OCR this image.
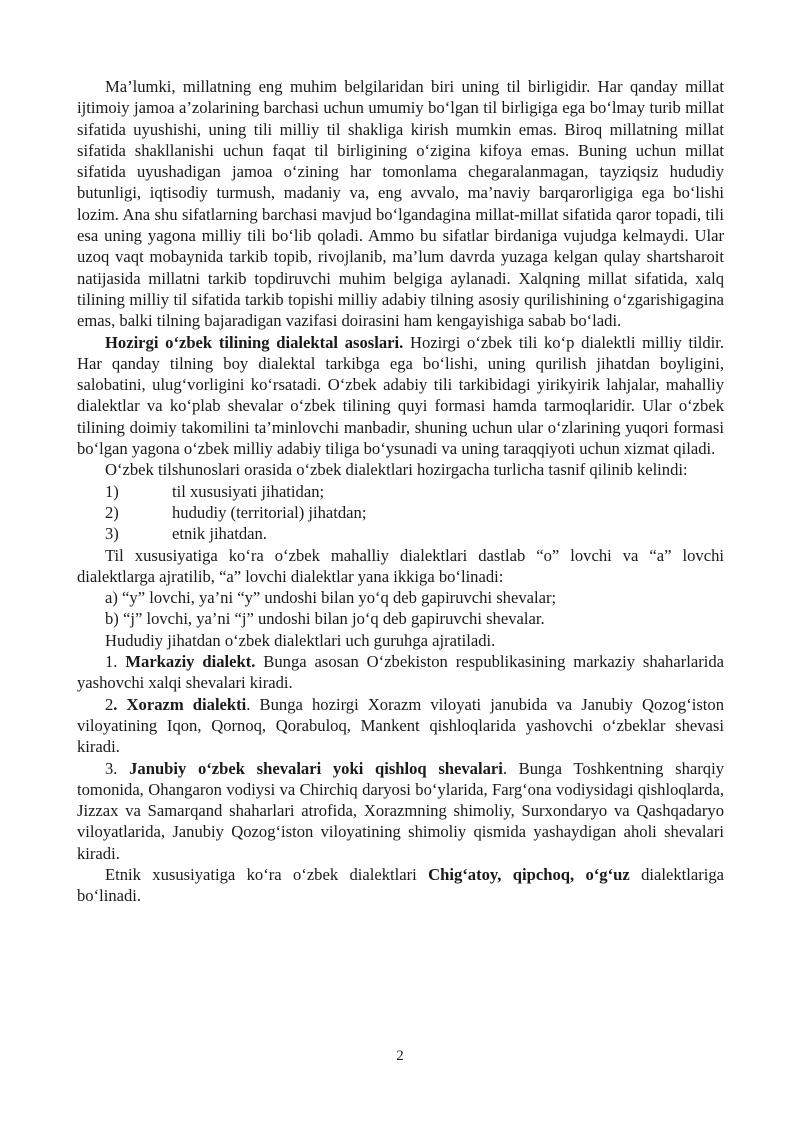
Ma’lumki, millatning eng muhim belgilaridan biri uning til birligidir. Har qanday millat ijtimoiy jamoa a’zolarining barchasi uchun umumiy bo‘lgan til birligiga ega bo‘lmay turib millat sifatida uyushishi, uning tili milliy til shakliga kirish mumkin emas. Biroq millatning millat sifatida shakllanishi uchun faqat til birligining o‘zigina kifoya emas. Buning uchun millat sifatida uyushadigan jamoa o‘zining har tomonlama chegaralanmagan, tayziqsiz hududiy butunligi, iqtisodiy turmush, madaniy va, eng avvalo, ma’naviy barqarorligiga ega bo‘lishi lozim. Ana shu sifatlarning barchasi mavjud bo‘lgandagina millat-millat sifatida qaror topadi, tili esa uning yagona milliy tili bo‘lib qoladi. Ammo bu sifatlar birdaniga vujudga kelmaydi. Ular uzoq vaqt mobaynida tarkib topib, rivojlanib, ma’lum davrda yuzaga kelgan qulay shartsharoit natijasida millatni tarkib topdiruvchi muhim belgiga aylanadi. Xalqning millat sifatida, xalq tilining milliy til sifatida tarkib topishi milliy adabiy tilning asosiy qurilishining o‘zgarishigagina emas, balki tilning bajaradigan vazifasi doirasini ham kengayishiga sabab bo‘ladi.

Hozirgi o‘zbek tilining dialektal asoslari. Hozirgi o‘zbek tili ko‘p dialektli milliy tildir. Har qanday tilning boy dialektal tarkibga ega bo‘lishi, uning qurilish jihatdan boyligini, salobatini, ulug‘vorligini ko‘rsatadi. O‘zbek adabiy tili tarkibidagi yirikyirik lahjalar, mahalliy dialektlar va ko‘plab shevalar o‘zbek tilining quyi formasi hamda tarmoqlaridir. Ular o‘zbek tilining doimiy takomilini ta’minlovchi manbadir, shuning uchun ular o‘zlarining yuqori formasi bo‘lgan yagona o‘zbek milliy adabiy tiliga bo‘ysunadi va uning taraqqiyoti uchun xizmat qiladi.

O‘zbek tilshunoslari orasida o‘zbek dialektlari hozirgacha turlicha tasnif qilinib kelindi:

1)	til xususiyati jihatidan;
2)	hududiy (territorial) jihatdan;
3)	etnik jihatdan.

Til xususiyatiga ko‘ra o‘zbek mahalliy dialektlari dastlab “o” lovchi va “a” lovchi dialektlarga ajratilib, “a” lovchi dialektlar yana ikkiga bo‘linadi:

a) “y” lovchi, ya’ni “y” undoshi bilan yo‘q deb gapiruvchi shevalar;

b) “j” lovchi, ya’ni “j” undoshi bilan jo‘q deb gapiruvchi shevalar.

Hududiy jihatdan o‘zbek dialektlari uch guruhga ajratiladi.

1. Markaziy dialekt. Bunga asosan O‘zbekiston respublikasining markaziy shaharlarida yashovchi xalqi shevalari kiradi.

2. Xorazm dialekti. Bunga hozirgi Xorazm viloyati janubida va Janubiy Qozog‘iston viloyatining Iqon, Qornoq, Qorabuloq, Mankent qishloqlarida yashovchi o‘zbeklar shevasi kiradi.

3. Janubiy o‘zbek shevalari yoki qishloq shevalari. Bunga Toshkentning sharqiy tomonida, Ohangaron vodiysi va Chirchiq daryosi bo‘ylarida, Farg‘ona vodiysidagi qishloqlarda, Jizzax va Samarqand shaharlari atrofida, Xorazmning shimoliy, Surxondaryo va Qashqadaryo viloyatlarida, Janubiy Qozog‘iston viloyatining shimoliy qismida yashaydigan aholi shevalari kiradi.

Etnik xususiyatiga ko‘ra o‘zbek dialektlari Chig‘atoy, qipchoq, o‘g‘uz dialektlariga bo‘linadi.

2
